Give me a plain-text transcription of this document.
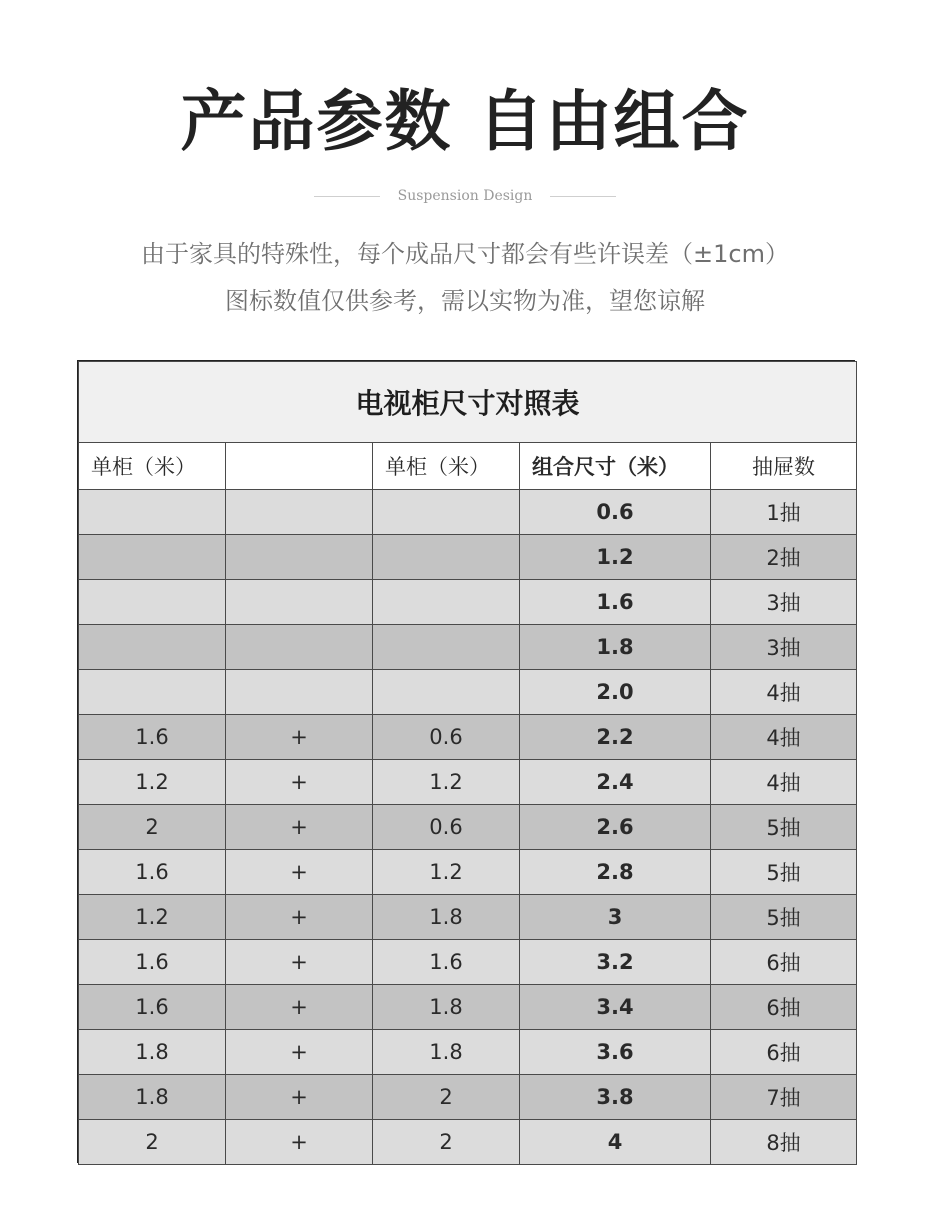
产品参数 自由组合
Suspension Design
由于家具的特殊性，每个成品尺寸都会有些许误差（±1cm）
图标数值仅供参考，需以实物为准，望您谅解
电视柜尺寸对照表				
单柜（米）		单柜（米）	组合尺寸（米）	抽屉数
			0.6	1抽
			1.2	2抽
			1.6	3抽
			1.8	3抽
			2.0	4抽
1.6	+	0.6	2.2	4抽
1.2	+	1.2	2.4	4抽
2	+	0.6	2.6	5抽
1.6	+	1.2	2.8	5抽
1.2	+	1.8	3	5抽
1.6	+	1.6	3.2	6抽
1.6	+	1.8	3.4	6抽
1.8	+	1.8	3.6	6抽
1.8	+	2	3.8	7抽
2	+	2	4	8抽
